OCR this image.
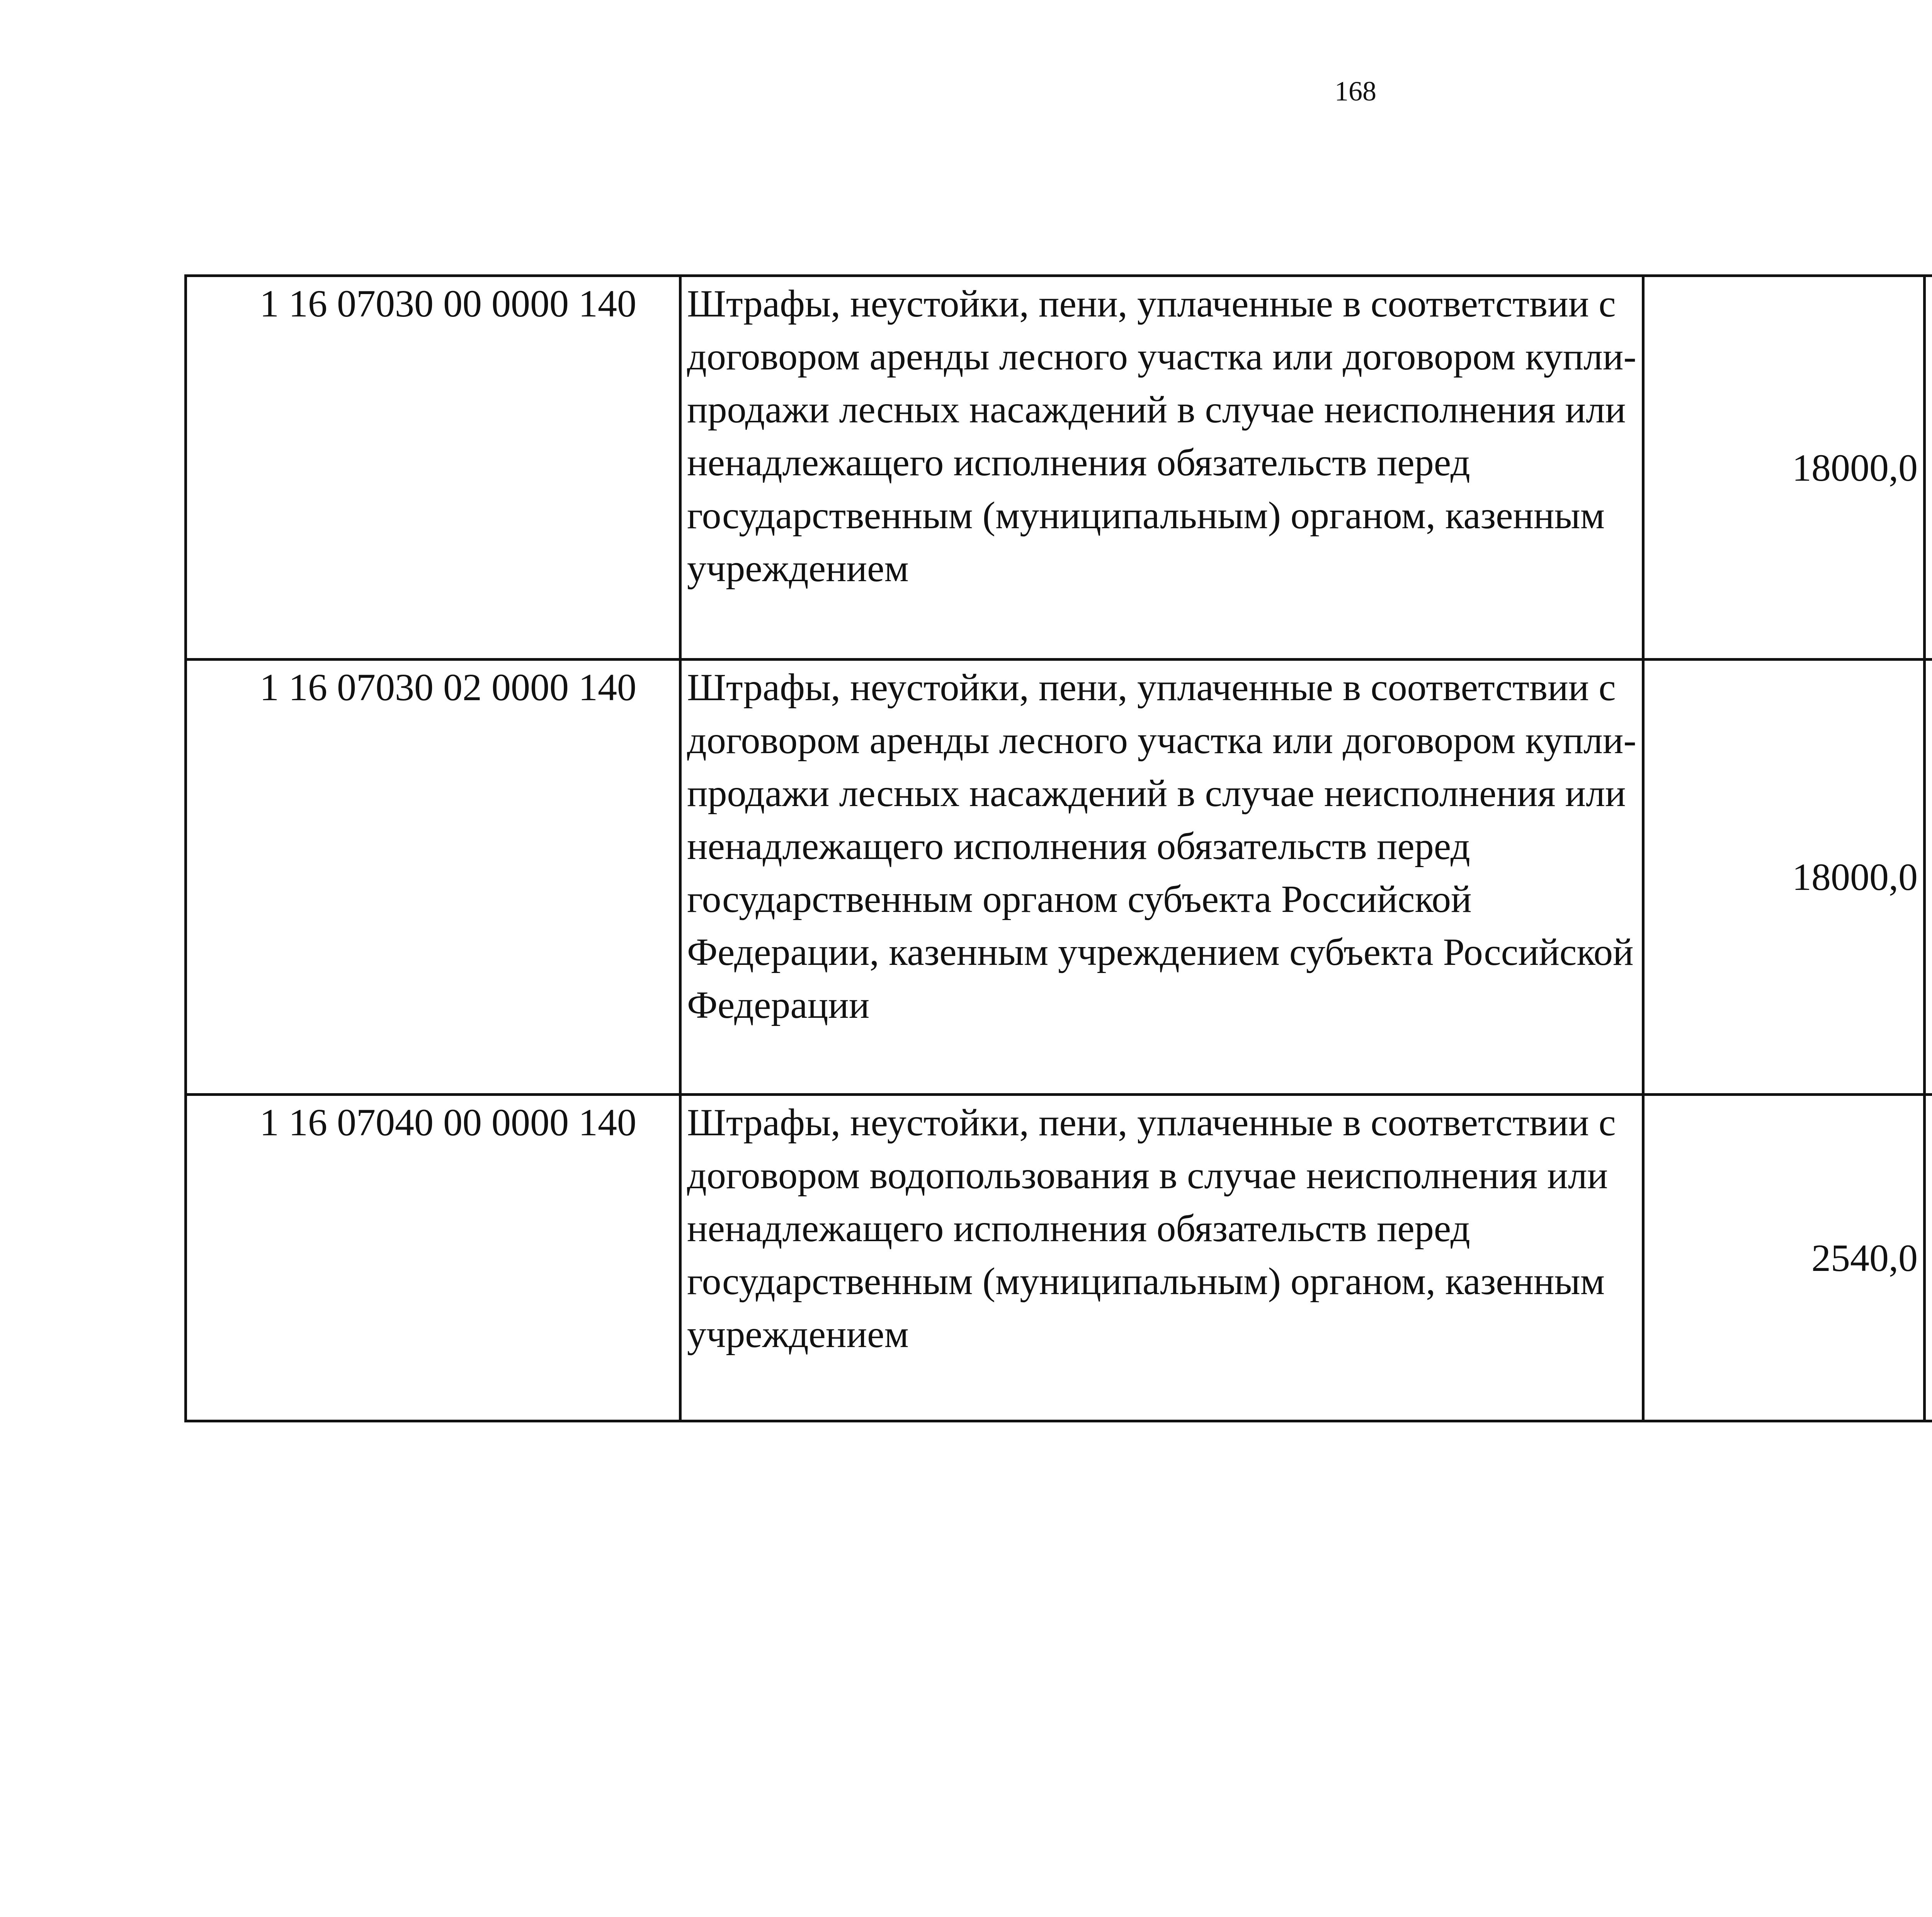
168
1 16 07030 00 0000 140	Штрафы, неустойки, пени, уплаченные в соответствии с договором аренды лесного участка или договором купли-продажи лесных насаждений в случае неисполнения или ненадлежащего исполнения обязательств перед государственным (муниципальным) органом, казенным учреждением	18000,0		
1 16 07030 02 0000 140	Штрафы, неустойки, пени, уплаченные в соответствии с договором аренды лесного участка или договором купли-продажи лесных насаждений в случае неисполнения или ненадлежащего исполнения обязательств перед государственным органом субъекта Российской Федерации, казенным учреждением субъекта Российской Федерации	18000,0		
1 16 07040 00 0000 140	Штрафы, неустойки, пени, уплаченные в соответствии с договором водопользования в случае неисполнения или ненадлежащего исполнения обязательств перед государственным (муниципальным) органом, казенным учреждением	2540,0		
